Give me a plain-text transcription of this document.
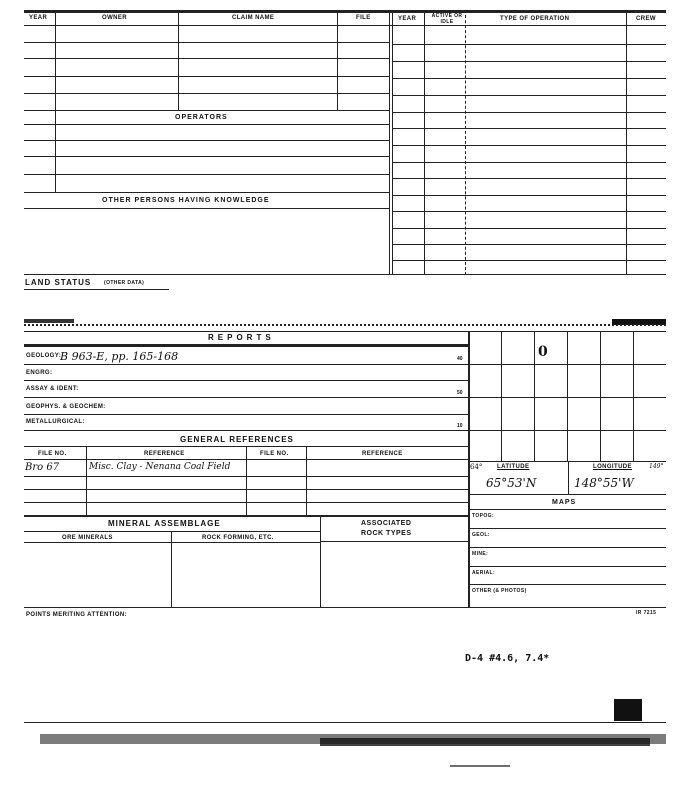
YEAR	OWNER	CLAIM NAME	FILE	YEAR	ACTIVE OR IDLE	TYPE OF OPERATION	CREW
OPERATORS
OTHER PERSONS HAVING KNOWLEDGE
LAND STATUS	(OTHER DATA)
REPORTS
GEOLOGY:
B 963-E, pp. 165-168	40
ENGRG:
ASSAY & IDENT:
50
GEOPHYS. & GEOCHEM:
METALLURGICAL:
10
GENERAL REFERENCES
FILE NO.	REFERENCE	FILE NO.	REFERENCE
Bro 67	Misc. Clay - Nenana Coal Field
0
64° LATITUDE	LONGITUDE	149°
65°53'N	148°55'W
MAPS
TOPOG:
GEOL:
MINE:
AERIAL:
OTHER (& PHOTOS)
MINERAL ASSEMBLAGE
ORE MINERALS	ROCK FORMING, ETC.
ASSOCIATED
ROCK TYPES
POINTS MERITING ATTENTION:	IR 7215
D-4 #4.6, 7.4*
